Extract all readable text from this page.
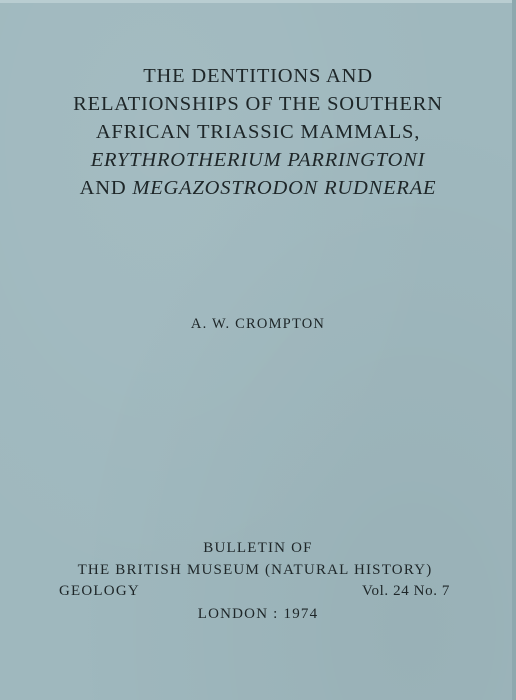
THE DENTITIONS AND
RELATIONSHIPS OF THE SOUTHERN
AFRICAN TRIASSIC MAMMALS,
ERYTHROTHERIUM PARRINGTONI
AND MEGAZOSTRODON RUDNERAE
A. W. CROMPTON
BULLETIN OF
THE BRITISH MUSEUM (NATURAL HISTORY)
GEOLOGY	Vol. 24 No. 7
LONDON : 1974
